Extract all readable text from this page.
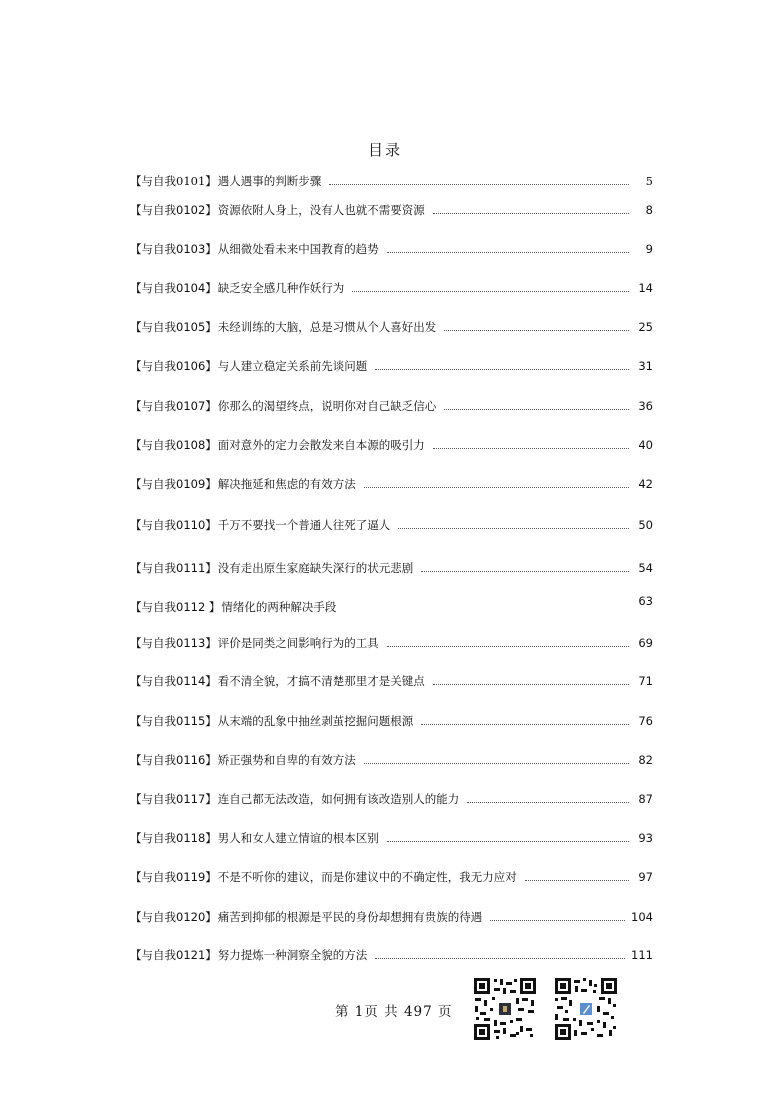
目录
【与自我0101】 遇人遇事的判断步骤	5
【与自我0102】 资源依附人身上，没有人也就不需要资源	8
【与自我0103】 从细微处看未来中国教育的趋势	9
【与自我0104】 缺乏安全感几种作妖行为	14
【与自我0105】 未经训练的大脑，总是习惯从个人喜好出发	25
【与自我0106】 与人建立稳定关系前先谈问题	31
【与自我0107】 你那么的渴望终点，说明你对自己缺乏信心	36
【与自我0108】 面对意外的定力会散发来自本源的吸引力	40
【与自我0109】 解决拖延和焦虑的有效方法	42
【与自我0110】 千万不要找一个普通人往死了逼人	50
【与自我0111】 没有走出原生家庭缺失深行的状元悲剧	54
【与自我0112 】 情绪化的两种解决手段	63
【与自我0113】 评价是同类之间影响行为的工具	69
【与自我0114】 看不清全貌，才搞不清楚那里才是关键点	71
【与自我0115】 从末端的乱象中抽丝剥茧挖掘问题根源	76
【与自我0116】 矫正强势和自卑的有效方法	82
【与自我0117】 连自己都无法改造，如何拥有该改造别人的能力	87
【与自我0118】 男人和女人建立情谊的根本区别	93
【与自我0119】 不是不听你的建议，而是你建议中的不确定性，我无力应对	97
【与自我0120】 痛苦到抑郁的根源是平民的身份却想拥有贵族的待遇	104
【与自我0121】 努力提炼一种洞察全貌的方法	111
第 1页 共 497 页
